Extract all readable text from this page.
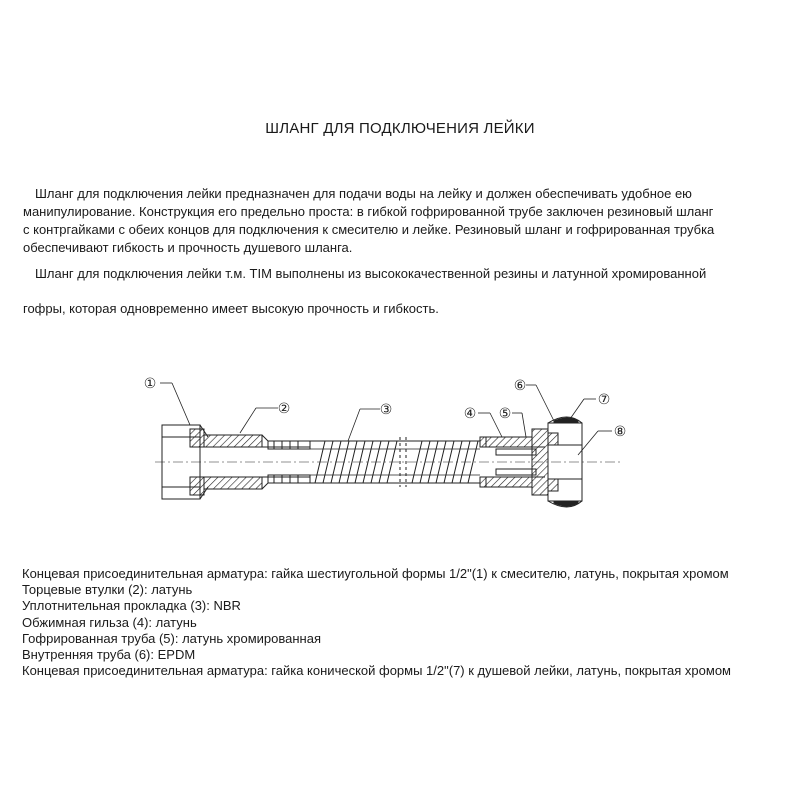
ШЛАНГ ДЛЯ ПОДКЛЮЧЕНИЯ ЛЕЙКИ

Шланг для подключения лейки предназначен для подачи воды на лейку и должен обеспечивать удобное ею
манипулирование. Конструкция его предельно проста: в гибкой гофрированной трубе заключен резиновый шланг
с контргайками с обеих концов для подключения к смесителю и лейке. Резиновый шланг и гофрированная трубка
обеспечивают гибкость и прочность душевого шланга.

Шланг для подключения лейки т.м. TIM выполнены из высококачественной резины и латунной хромированной

гофры, которая одновременно имеет высокую прочность и гибкость.

①
②	③	④ ⑤
⑥
⑦
⑧
Концевая присоединительная арматура: гайка шестиугольной формы 1/2"(1) к смесителю, латунь, покрытая хромом
Торцевые втулки (2): латунь
Уплотнительная прокладка (3): NBR
Обжимная гильза (4): латунь
Гофрированная труба (5): латунь хромированная
Внутренняя труба (6): EPDM
Концевая присоединительная арматура: гайка конической формы 1/2"(7) к душевой лейки, латунь, покрытая хромом
